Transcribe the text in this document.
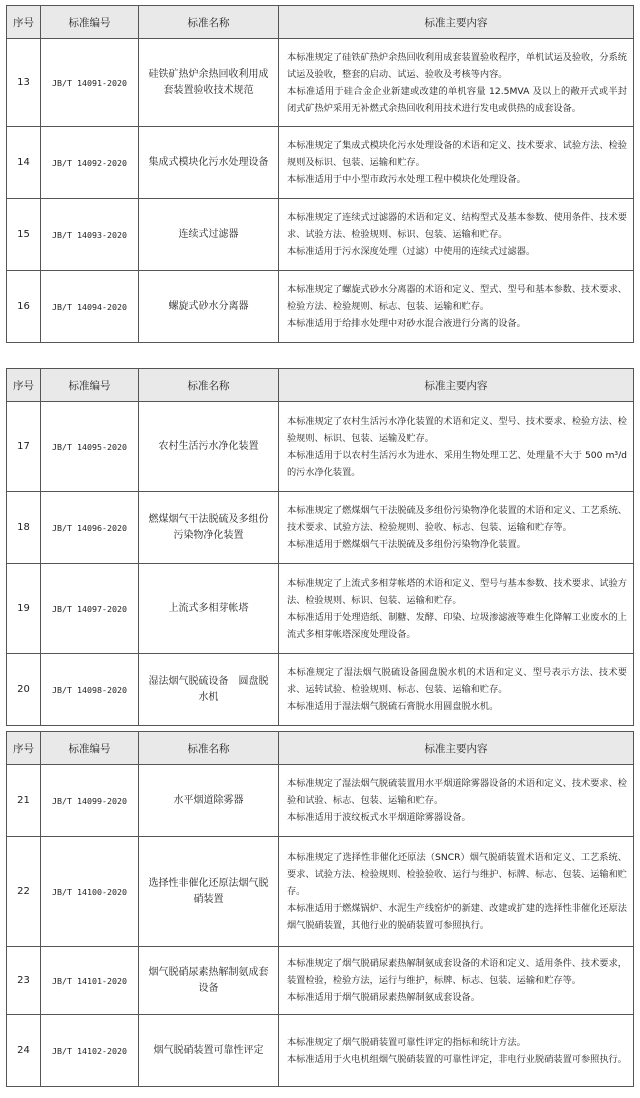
序号	标准编号	标准名称	标准主要内容
13	JB/T 14091-2020	硅铁矿热炉余热回收利用成套装置验收技术规范	本标准规定了硅铁矿热炉余热回收利用成套装置验收程序，单机试运及验收，分系统试运及验收，整套的启动、试运、验收及考核等内容。

本标准适用于硅合金企业新建或改建的单机容量 12.5MVA 及以上的敞开式或半封闭式矿热炉采用无补燃式余热回收利用技术进行发电或供热的成套设备。

14	JB/T 14092-2020	集成式模块化污水处理设备	本标准规定了集成式模块化污水处理设备的术语和定义、技术要求、试验方法、检验规则及标识、包装、运输和贮存。

本标准适用于中小型市政污水处理工程中模块化处理设备。

15	JB/T 14093-2020	连续式过滤器	本标准规定了连续式过滤器的术语和定义、结构型式及基本参数、使用条件、技术要求、试验方法、检验规则、标识、包装、运输和贮存。

本标准适用于污水深度处理（过滤）中使用的连续式过滤器。

16	JB/T 14094-2020	螺旋式砂水分离器	本标准规定了螺旋式砂水分离器的术语和定义、型式、型号和基本参数、技术要求、检验方法、检验规则、标志、包装、运输和贮存。

本标准适用于给排水处理中对砂水混合液进行分离的设备。

序号	标准编号	标准名称	标准主要内容
17	JB/T 14095-2020	农村生活污水净化装置	本标准规定了农村生活污水净化装置的术语和定义、型号、技术要求、检验方法、检验规则、标识、包装、运输及贮存。

本标准适用于以农村生活污水为进水、采用生物处理工艺、处理量不大于 500 m³/d 的污水净化装置。

18	JB/T 14096-2020	燃煤烟气干法脱硫及多组份污染物净化装置	本标准规定了燃煤烟气干法脱硫及多组份污染物净化装置的术语和定义、工艺系统、技术要求、试验方法、检验规则、验收、标志、包装、运输和贮存等。

本标准适用于燃煤烟气干法脱硫及多组份污染物净化装置。

19	JB/T 14097-2020	上流式多相芽帐塔	本标准规定了上流式多相芽帐塔的术语和定义、型号与基本参数、技术要求、试验方法、检验规则、标识、包装、运输和贮存。

本标准适用于处理造纸、制糖、发酵、印染、垃圾渗滤液等难生化降解工业废水的上流式多相芽帐塔深度处理设备。

20	JB/T 14098-2020	湿法烟气脱硫设备　圆盘脱水机	本标准规定了湿法烟气脱硫设备圆盘脱水机的术语和定义、型号表示方法、技术要求、运转试验、检验规则、标志、包装、运输和贮存。

本标准适用于湿法烟气脱硫石膏脱水用圆盘脱水机。

序号	标准编号	标准名称	标准主要内容
21	JB/T 14099-2020	水平烟道除雾器	本标准规定了湿法烟气脱硫装置用水平烟道除雾器设备的术语和定义、技术要求、检验和试验、标志、包装、运输和贮存。

本标准适用于波纹板式水平烟道除雾器设备。

22	JB/T 14100-2020	选择性非催化还原法烟气脱硝装置	本标准规定了选择性非催化还原法（SNCR）烟气脱硝装置术语和定义、工艺系统、要求、试验方法、检验规则、检验验收、运行与维护、标牌、标志、包装、运输和贮存。

本标准适用于燃煤锅炉、水泥生产线窑炉的新建、改建或扩建的选择性非催化还原法烟气脱硝装置，其他行业的脱硝装置可参照执行。

23	JB/T 14101-2020	烟气脱硝尿素热解制氨成套设备	本标准规定了烟气脱硝尿素热解制氨成套设备的术语和定义、适用条件、技术要求，装置检验，检验方法，运行与维护，标牌、标志、包装、运输和贮存等。

本标准适用于烟气脱硝尿素热解制氨成套设备。

24	JB/T 14102-2020	烟气脱硝装置可靠性评定	本标准规定了烟气脱硝装置可靠性评定的指标和统计方法。

本标准适用于火电机组烟气脱硝装置的可靠性评定，非电行业脱硝装置可参照执行。
